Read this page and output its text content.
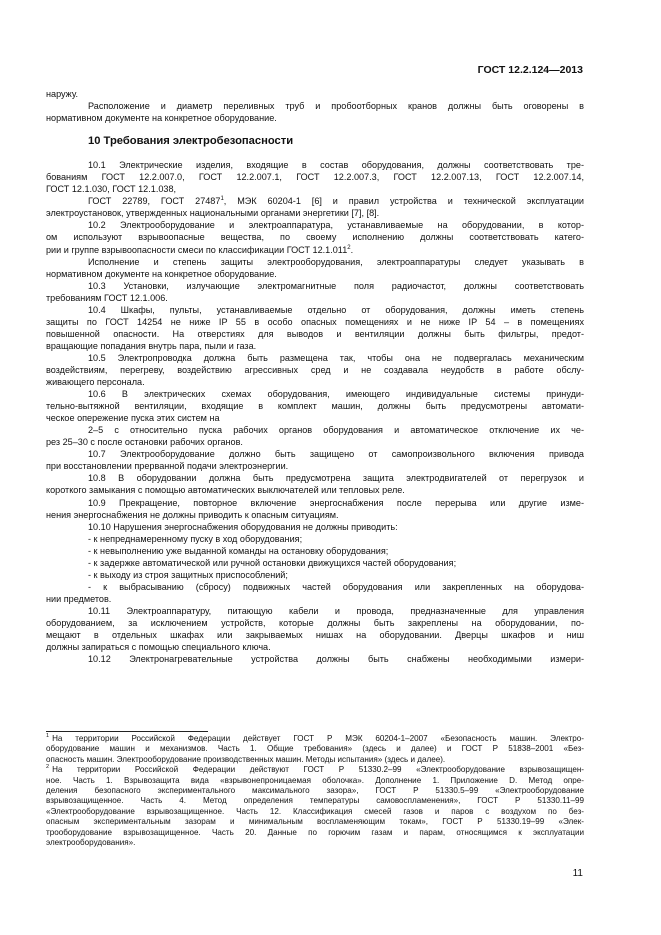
ГОСТ 12.2.124—2013

наружу.

Расположение и диаметр переливных труб и пробоотборных кранов должны быть оговорены в
нормативном документе на конкретное оборудование.

10 Требования электробезопасности

10.1 Электрические изделия, входящие в состав оборудования, должны соответствовать тре-
бованиям ГОСТ 12.2.007.0, ГОСТ 12.2.007.1, ГОСТ 12.2.007.3, ГОСТ 12.2.007.13, ГОСТ 12.2.007.14,
ГОСТ 12.1.030, ГОСТ 12.1.038,

ГОСТ 22789, ГОСТ 27487$^1$, МЭК 60204-1 [6] и правил устройства и технической эксплуатации
электроустановок, утвержденных национальными органами энергетики [7], [8].

10.2 Электрооборудование и электроаппаратура, устанавливаемые на оборудовании, в котор-
ом используют взрывоопасные вещества, по своему исполнению должны соответствовать катего-
рии и группе взрывоопасности смеси по классификации ГОСТ 12.1.011$^2$.

Исполнение и степень защиты электрооборудования, электроаппаратуры следует указывать в
нормативном документе на конкретное оборудование.

10.3 Установки, излучающие электромагнитные поля радиочастот, должны соответствовать
требованиям ГОСТ 12.1.006.

10.4 Шкафы, пульты, устанавливаемые отдельно от оборудования, должны иметь степень
защиты по ГОСТ 14254 не ниже IP 55 в особо опасных помещениях и не ниже IP 54 – в помещениях
повышенной опасности. На отверстиях для выводов и вентиляции должны быть фильтры, предот-
вращающие попадания внутрь пара, пыли и газа.

10.5 Электропроводка должна быть размещена так, чтобы она не подвергалась механическим
воздействиям, перегреву, воздействию агрессивных сред и не создавала неудобств в работе обслу-
живающего персонала.

10.6 В электрических схемах оборудования, имеющего индивидуальные системы принуди-
тельно-вытяжной вентиляции, входящие в комплект машин, должны быть предусмотрены автомати-
ческое опережение пуска этих систем на

2–5 с относительно пуска рабочих органов оборудования и автоматическое отключение их че-
рез 25–30 с после остановки рабочих органов.

10.7 Электрооборудование должно быть защищено от самопроизвольного включения привода
при восстановлении прерванной подачи электроэнергии.

10.8 В оборудовании должна быть предусмотрена защита электродвигателей от перегрузок и
короткого замыкания с помощью автоматических выключателей или тепловых реле.

10.9 Прекращение, повторное включение энергоснабжения после перерыва или другие изме-
нения энергоснабжения не должны приводить к опасным ситуациям.

10.10 Нарушения энергоснабжения оборудования не должны приводить:

- к непреднамеренному пуску в ход оборудования;

- к невыполнению уже выданной команды на остановку оборудования;

- к задержке автоматической или ручной остановки движущихся частей оборудования;

- к выходу из строя защитных приспособлений;

- к выбрасыванию (сбросу) подвижных частей оборудования или закрепленных на оборудова-
нии предметов.

10.11 Электроаппаратуру, питающую кабели и провода, предназначенные для управления
оборудованием, за исключением устройств, которые должны быть закреплены на оборудовании, по-
мещают в отдельных шкафах или закрываемых нишах на оборудовании. Дверцы шкафов и ниш
должны запираться с помощью специального ключа.

10.12 Электронагревательные устройства должны быть снабжены необходимыми измери-

$^1$ На территории Российской Федерации действует ГОСТ Р МЭК 60204-1–2007 «Безопасность машин. Электро-
оборудование машин и механизмов. Часть 1. Общие требования» (здесь и далее) и ГОСТ Р 51838–2001 «Без-
опасность машин. Электрооборудование производственных машин. Методы испытания» (здесь и далее).

$^2$ На территории Российской Федерации действуют ГОСТ Р 51330.2–99 «Электрооборудование взрывозащищен-
ное. Часть 1. Взрывозащита вида «взрывонепроницаемая оболочка». Дополнение 1. Приложение D. Метод опре-
деления безопасного экспериментального максимального зазора», ГОСТ Р 51330.5–99 «Электрооборудование
взрывозащищенное. Часть 4. Метод определения температуры самовоспламенения», ГОСТ Р 51330.11–99
«Электрооборудование взрывозащищенное. Часть 12. Классификация смесей газов и паров с воздухом по без-
опасным экспериментальным зазорам и минимальным воспламеняющим токам», ГОСТ Р 51330.19–99 «Элек-
трооборудование взрывозащищенное. Часть 20. Данные по горючим газам и парам, относящимся к эксплуатации
электрооборудования».

11
